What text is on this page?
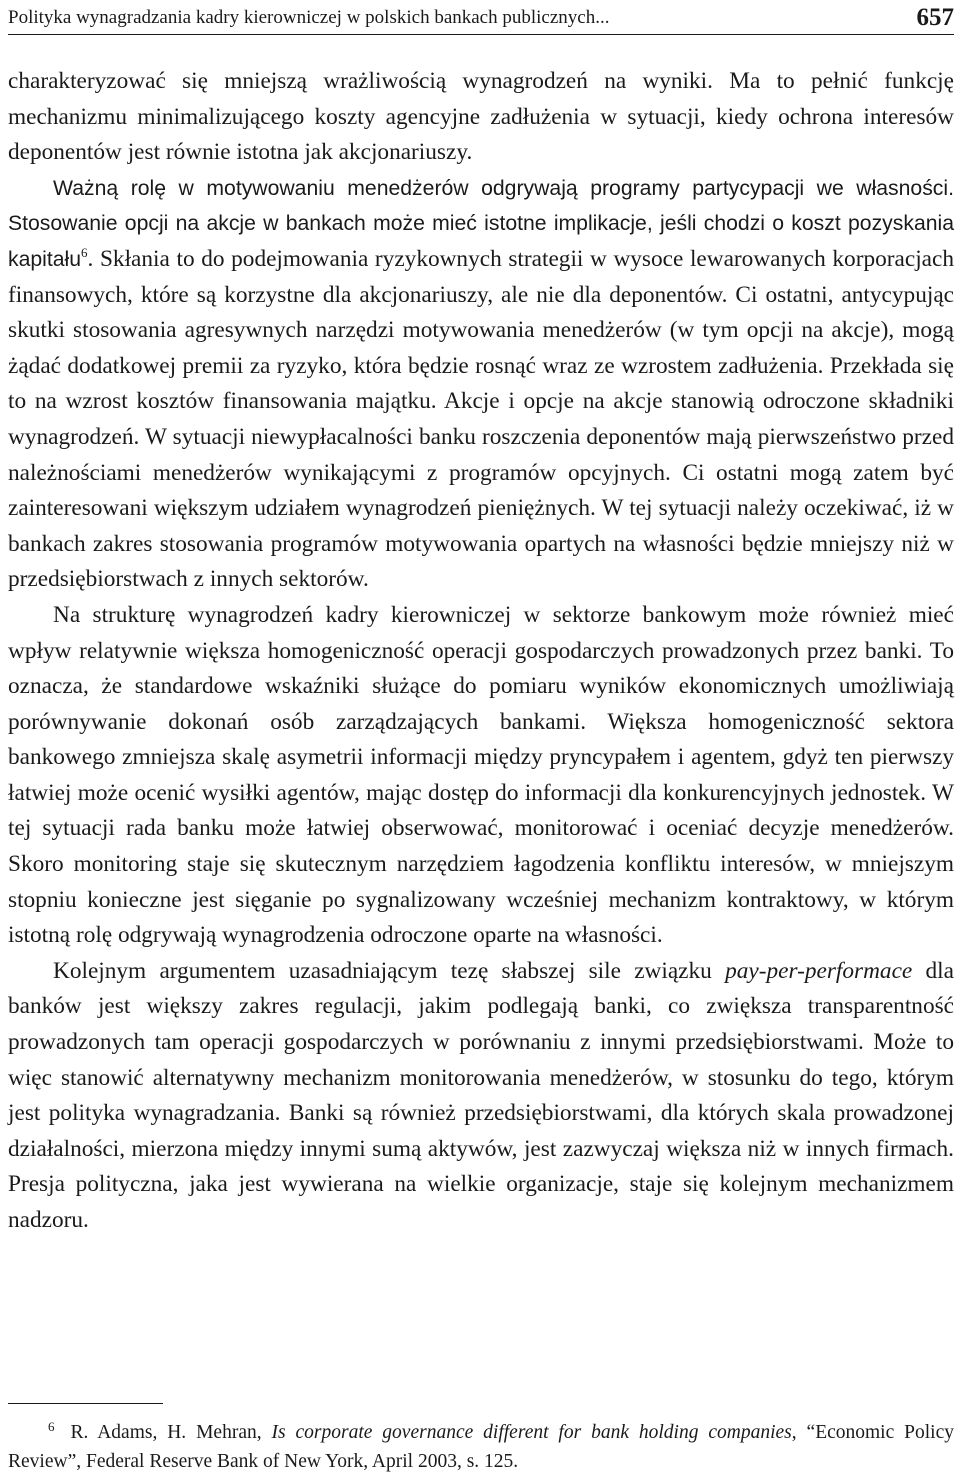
Polityka wynagradzania kadry kierowniczej w polskich bankach publicznych...	657

charakteryzować się mniejszą wrażliwością wynagrodzeń na wyniki. Ma to pełnić funkcję mechanizmu minimalizującego koszty agencyjne zadłużenia w sytuacji, kiedy ochrona interesów deponentów jest równie istotna jak akcjonariuszy.

Ważną rolę w motywowaniu menedżerów odgrywają programy partycypacji we własności. Stosowanie opcji na akcje w bankach może mieć istotne implikacje, jeśli chodzi o koszt pozyskania kapitału$^6$. Skłania to do podejmowania ryzykownych strategii w wysoce lewarowanych korporacjach finansowych, które są korzystne dla akcjonariuszy, ale nie dla deponentów. Ci ostatni, antycypując skutki stosowania agresywnych narzędzi motywowania menedżerów (w tym opcji na akcje), mogą żądać dodatkowej premii za ryzyko, która będzie rosnąć wraz ze wzrostem zadłużenia. Przekłada się to na wzrost kosztów finansowania majątku. Akcje i opcje na akcje stanowią odroczone składniki wynagrodzeń. W sytuacji niewypłacalności banku roszczenia deponentów mają pierwszeństwo przed należnościami menedżerów wynikającymi z programów opcyjnych. Ci ostatni mogą zatem być zainteresowani większym udziałem wynagrodzeń pieniężnych. W tej sytuacji należy oczekiwać, iż w bankach zakres stosowania programów motywowania opartych na własności będzie mniejszy niż w przedsiębiorstwach z innych sektorów.

Na strukturę wynagrodzeń kadry kierowniczej w sektorze bankowym może również mieć wpływ relatywnie większa homogeniczność operacji gospodarczych prowadzonych przez banki. To oznacza, że standardowe wskaźniki służące do pomiaru wyników ekonomicznych umożliwiają porównywanie dokonań osób zarządzających bankami. Większa homogeniczność sektora bankowego zmniejsza skalę asymetrii informacji między pryncypałem i agentem, gdyż ten pierwszy łatwiej może ocenić wysiłki agentów, mając dostęp do informacji dla konkurencyjnych jednostek. W tej sytuacji rada banku może łatwiej obserwować, monitorować i oceniać decyzje menedżerów. Skoro monitoring staje się skutecznym narzędziem łagodzenia konfliktu interesów, w mniejszym stopniu konieczne jest sięganie po sygnalizowany wcześniej mechanizm kontraktowy, w którym istotną rolę odgrywają wynagrodzenia odroczone oparte na własności.

Kolejnym argumentem uzasadniającym tezę słabszej sile związku pay-per-performace dla banków jest większy zakres regulacji, jakim podlegają banki, co zwiększa transparentność prowadzonych tam operacji gospodarczych w porównaniu z innymi przedsiębiorstwami. Może to więc stanowić alternatywny mechanizm monitorowania menedżerów, w stosunku do tego, którym jest polityka wynagradzania. Banki są również przedsiębiorstwami, dla których skala prowadzonej działalności, mierzona między innymi sumą aktywów, jest zazwyczaj większa niż w innych firmach. Presja polityczna, jaka jest wywierana na wielkie organizacje, staje się kolejnym mechanizmem nadzoru.

$^6$ R. Adams, H. Mehran, Is corporate governance different for bank holding companies, “Economic Policy Review”, Federal Reserve Bank of New York, April 2003, s. 125.
